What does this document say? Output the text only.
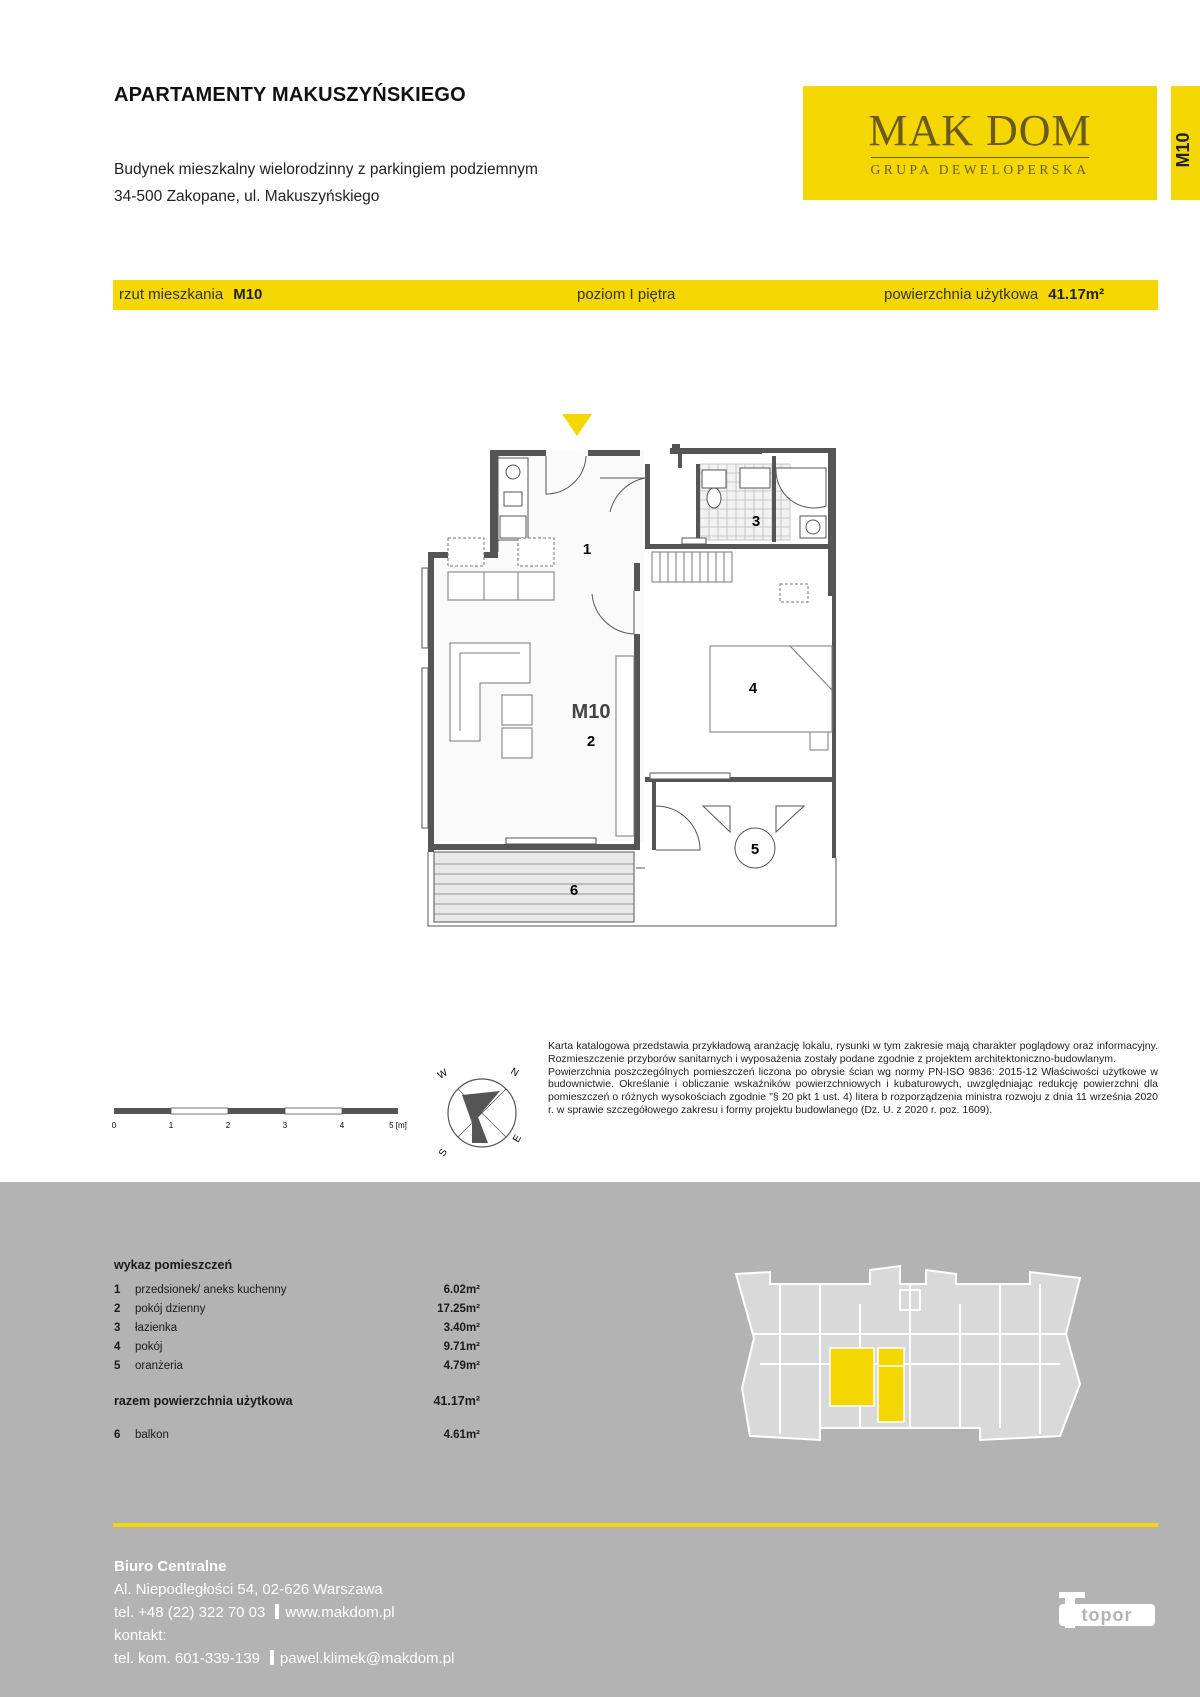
APARTAMENTY MAKUSZYŃSKIEGO
Budynek mieszkalny wielorodzinny z parkingiem podziemnym
34-500 Zakopane, ul. Makuszyńskiego
MAK DOM
GRUPA DEWELOPERSKA
M10
rzut mieszkania M10	poziom I piętra	powierzchnia użytkowa 41.17m²
1
M10
2
3
4
5
6
0	1	2	3	4	5 [m]
W	N
E
S
Karta katalogowa przedstawia przykładową aranżację lokalu, rysunki w tym zakresie mają charakter poglądowy oraz informacyjny. Rozmieszczenie przyborów sanitarnych i wyposażenia zostały podane zgodnie z projektem architektoniczno-budowlanym.
Powierzchnia poszczególnych pomieszczeń liczona po obrysie ścian wg normy PN-ISO 9836: 2015-12 Właściwości użytkowe w budownictwie. Określanie i obliczanie wskaźników powierzchniowych i kubaturowych, uwzględniając redukcję powierzchni dla pomieszczeń o różnych wysokościach zgodnie "§ 20 pkt 1 ust. 4) litera b rozporządzenia ministra rozwoju z dnia 11 września 2020 r. w sprawie szczegółowego zakresu i formy projektu budowlanego (Dz. U. z 2020 r. poz. 1609).
wykaz pomieszczeń
1 przedsionek/ aneks kuchenny	6.02m²
2 pokój dzienny	17.25m²
3 łazienka	3.40m²
4 pokój	9.71m²
5 oranżeria	4.79m²
razem powierzchnia użytkowa	41.17m²
6 balkon	4.61m²
Biuro Centralne
Al. Niepodległości 54, 02-626 Warszawa
tel. +48 (22) 322 70 03 www.makdom.pl
kontakt:
tel. kom. 601-339-139 pawel.klimek@makdom.pl
topor
